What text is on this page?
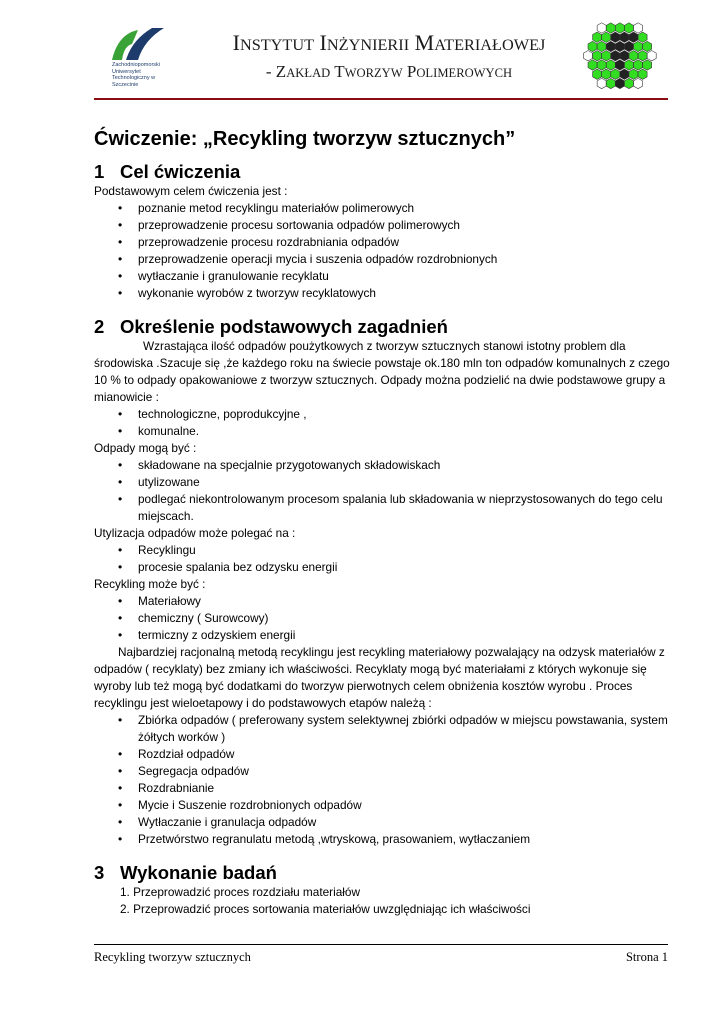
Zachodniopomorski Uniwersytet Technologiczny w Szczecinie
INSTYTUT INŻYNIERII MATERIAŁOWEJ
- ZAKŁAD TWORZYW POLIMEROWYCH
Ćwiczenie: „Recykling tworzyw sztucznych”
1 Cel ćwiczenia

Podstawowym celem ćwiczenia jest :

• poznanie metod recyklingu materiałów polimerowych
• przeprowadzenie procesu sortowania odpadów polimerowych
• przeprowadzenie procesu rozdrabniania odpadów
• przeprowadzenie operacji mycia i suszenia odpadów rozdrobnionych
• wytłaczanie i granulowanie recyklatu
• wykonanie wyrobów z tworzyw recyklatowych
2 Określenie podstawowych zagadnień

Wzrastająca ilość odpadów poużytkowych z tworzyw sztucznych stanowi istotny problem dla środowiska .Szacuje się ,że każdego roku na świecie powstaje ok.180 mln ton odpadów komunalnych z czego 10 % to odpady opakowaniowe z tworzyw sztucznych. Odpady można podzielić na dwie podstawowe grupy a mianowicie :

• technologiczne, poprodukcyjne ,
• komunalne.

Odpady mogą być :

• składowane na specjalnie przygotowanych składowiskach
• utylizowane
• podlegać niekontrolowanym procesom spalania lub składowania w nieprzystosowanych do tego celu miejscach.

Utylizacja odpadów może polegać na :

• Recyklingu
• procesie spalania bez odzysku energii

Recykling może być :

• Materiałowy
• chemiczny ( Surowcowy)
• termiczny z odzyskiem energii

Najbardziej racjonalną metodą recyklingu jest recykling materiałowy pozwalający na odzysk materiałów z odpadów ( recyklaty) bez zmiany ich właściwości. Recyklaty mogą być materiałami z których wykonuje się wyroby lub też mogą być dodatkami do tworzyw pierwotnych celem obniżenia kosztów wyrobu . Proces recyklingu jest wieloetapowy i do podstawowych etapów należą :

• Zbiórka odpadów ( preferowany system selektywnej zbiórki odpadów w miejscu powstawania, system żółtych worków )
• Rozdział odpadów
• Segregacja odpadów
• Rozdrabnianie
• Mycie i Suszenie rozdrobnionych odpadów
• Wytłaczanie i granulacja odpadów
• Przetwórstwo regranulatu metodą ,wtryskową, prasowaniem, wytłaczaniem
3 Wykonanie badań
1. Przeprowadzić proces rozdziału materiałów
2. Przeprowadzić proces sortowania materiałów uwzględniając ich właściwości
Recykling tworzyw sztucznych	Strona 1
